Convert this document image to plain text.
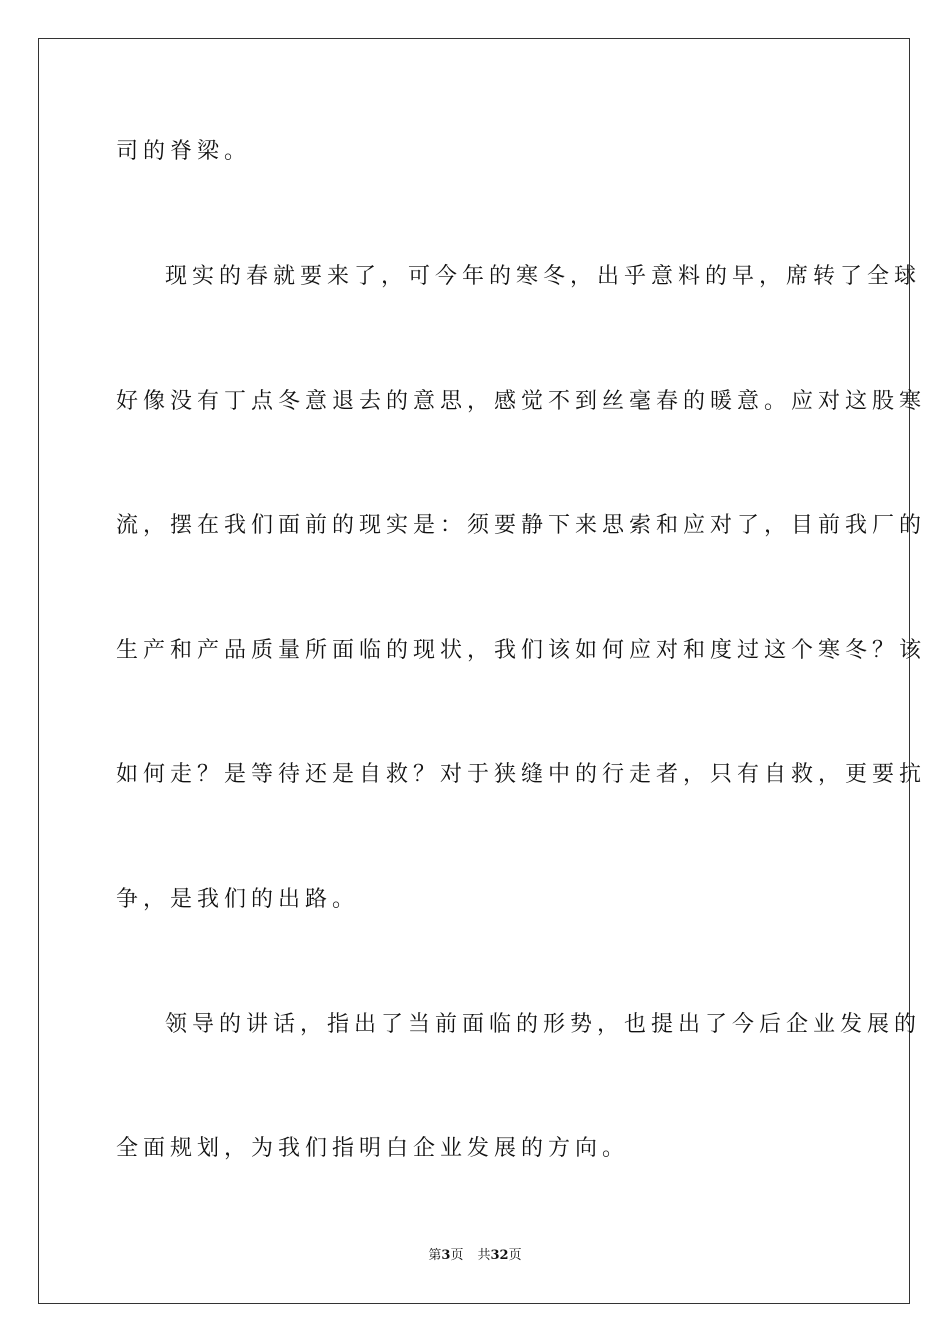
司的脊梁。
现实的春就要来了，可今年的寒冬，出乎意料的早，席转了全球
好像没有丁点冬意退去的意思，感觉不到丝毫春的暖意。应对这股寒
流，摆在我们面前的现实是：须要静下来思索和应对了，目前我厂的
生产和产品质量所面临的现状，我们该如何应对和度过这个寒冬？该
如何走？是等待还是自救？对于狭缝中的行走者，只有自救，更要抗
争，是我们的出路。
领导的讲话，指出了当前面临的形势，也提出了今后企业发展的
全面规划，为我们指明白企业发展的方向。
第3页 共32页
